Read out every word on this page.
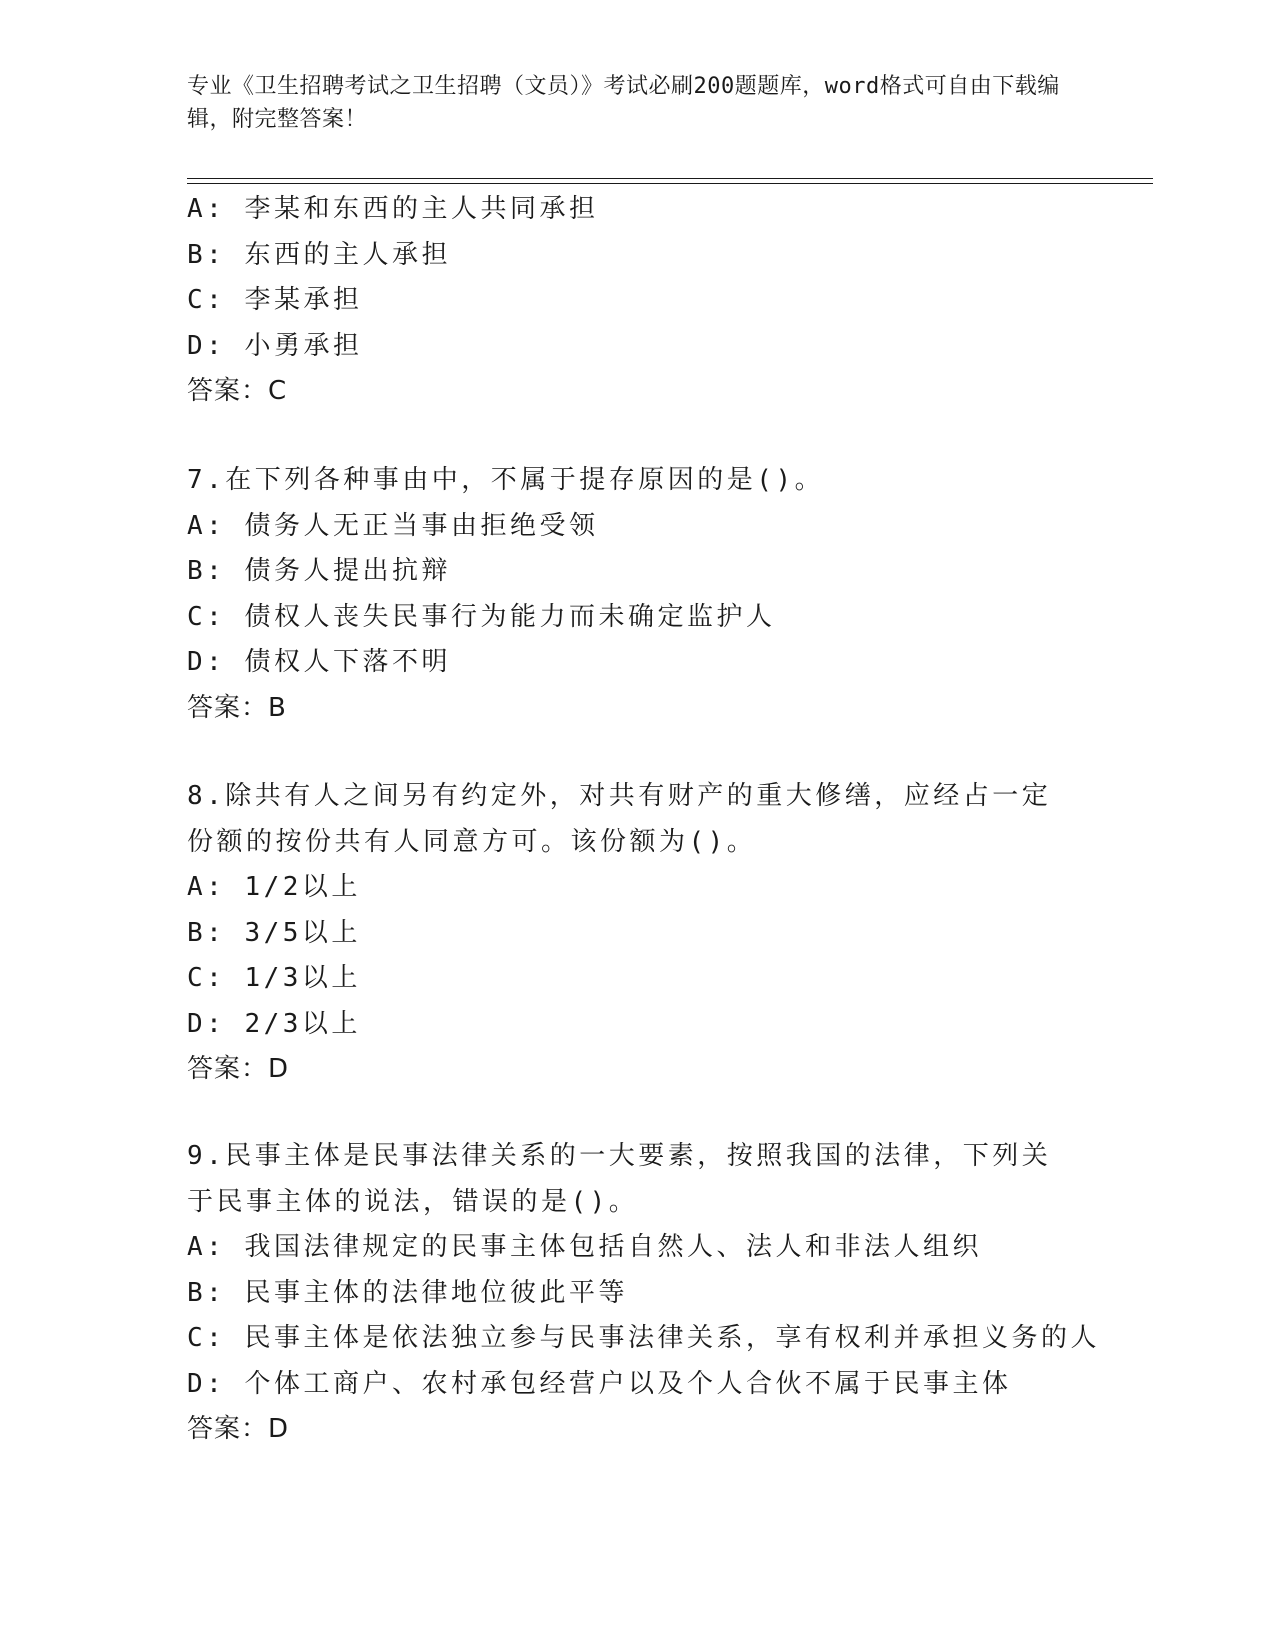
专业《卫生招聘考试之卫生招聘（文员）》考试必刷200题题库，word格式可自由下载编辑，附完整答案！
A: 李某和东西的主人共同承担
B: 东西的主人承担
C: 李某承担
D: 小勇承担
答案：C
7.在下列各种事由中，不属于提存原因的是()。
A: 债务人无正当事由拒绝受领
B: 债务人提出抗辩
C: 债权人丧失民事行为能力而未确定监护人
D: 债权人下落不明
答案：B
8.除共有人之间另有约定外，对共有财产的重大修缮，应经占一定份额的按份共有人同意方可。该份额为()。
A: 1/2以上
B: 3/5以上
C: 1/3以上
D: 2/3以上
答案：D
9.民事主体是民事法律关系的一大要素，按照我国的法律，下列关于民事主体的说法，错误的是()。
A: 我国法律规定的民事主体包括自然人、法人和非法人组织
B: 民事主体的法律地位彼此平等
C: 民事主体是依法独立参与民事法律关系，享有权利并承担义务的人
D: 个体工商户、农村承包经营户以及个人合伙不属于民事主体
答案：D
